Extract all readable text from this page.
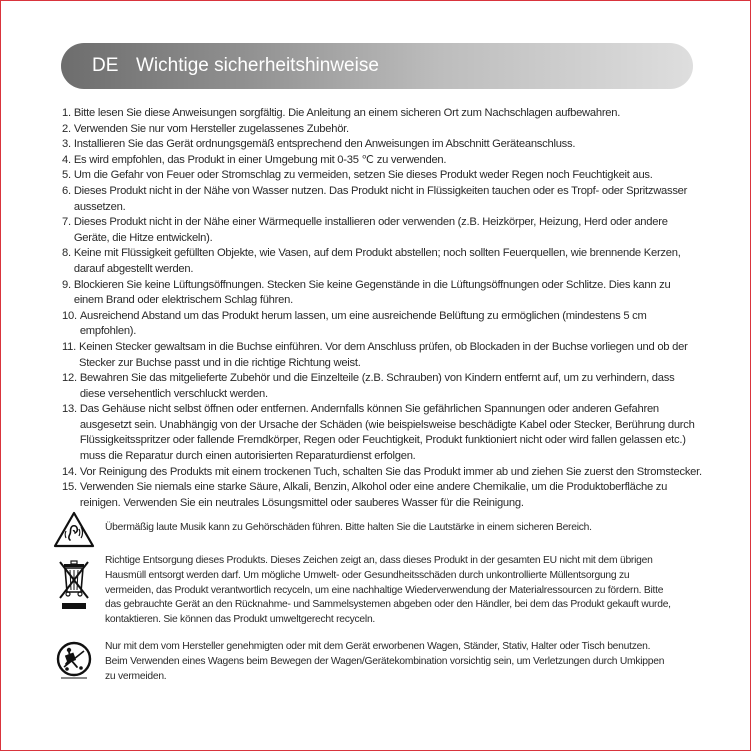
DE Wichtige sicherheitshinweise
1. Bitte lesen Sie diese Anweisungen sorgfältig. Die Anleitung an einem sicheren Ort zum Nachschlagen aufbewahren.
2. Verwenden Sie nur vom Hersteller zugelassenes Zubehör.
3. Installieren Sie das Gerät ordnungsgemäß entsprechend den Anweisungen im Abschnitt Geräteanschluss.
4. Es wird empfohlen, das Produkt in einer Umgebung mit 0-35 ℃ zu verwenden.
5. Um die Gefahr von Feuer oder Stromschlag zu vermeiden, setzen Sie dieses Produkt weder Regen noch Feuchtigkeit aus.
6. Dieses Produkt nicht in der Nähe von Wasser nutzen. Das Produkt nicht in Flüssigkeiten tauchen oder es Tropf- oder Spritzwasser aussetzen.
7. Dieses Produkt nicht in der Nähe einer Wärmequelle installieren oder verwenden (z.B. Heizkörper, Heizung, Herd oder andere Geräte, die Hitze entwickeln).
8. Keine mit Flüssigkeit gefüllten Objekte, wie Vasen, auf dem Produkt abstellen; noch sollten Feuerquellen, wie brennende Kerzen, darauf abgestellt werden.
9. Blockieren Sie keine Lüftungsöffnungen. Stecken Sie keine Gegenstände in die Lüftungsöffnungen oder Schlitze. Dies kann zu einem Brand oder elektrischem Schlag führen.
10. Ausreichend Abstand um das Produkt herum lassen, um eine ausreichende Belüftung zu ermöglichen (mindestens 5 cm empfohlen).
11. Keinen Stecker gewaltsam in die Buchse einführen. Vor dem Anschluss prüfen, ob Blockaden in der Buchse vorliegen und ob der Stecker zur Buchse passt und in die richtige Richtung weist.
12. Bewahren Sie das mitgelieferte Zubehör und die Einzelteile (z.B. Schrauben) von Kindern entfernt auf, um zu verhindern, dass diese versehentlich verschluckt werden.
13. Das Gehäuse nicht selbst öffnen oder entfernen. Andernfalls können Sie gefährlichen Spannungen oder anderen Gefahren ausgesetzt sein. Unabhängig von der Ursache der Schäden (wie beispielsweise beschädigte Kabel oder Stecker, Berührung durch Flüssigkeitsspritzer oder fallende Fremdkörper, Regen oder Feuchtigkeit, Produkt funktioniert nicht oder wird fallen gelassen etc.) muss die Reparatur durch einen autorisierten Reparaturdienst erfolgen.
14. Vor Reinigung des Produkts mit einem trockenen Tuch, schalten Sie das Produkt immer ab und ziehen Sie zuerst den Stromstecker.
15. Verwenden Sie niemals eine starke Säure, Alkali, Benzin, Alkohol oder eine andere Chemikalie, um die Produktoberfläche zu reinigen. Verwenden Sie ein neutrales Lösungsmittel oder sauberes Wasser für die Reinigung.
Übermäßig laute Musik kann zu Gehörschäden führen. Bitte halten Sie die Lautstärke in einem sicheren Bereich.
Richtige Entsorgung dieses Produkts. Dieses Zeichen zeigt an, dass dieses Produkt in der gesamten EU nicht mit dem übrigen Hausmüll entsorgt werden darf. Um mögliche Umwelt- oder Gesundheitsschäden durch unkontrollierte Müllentsorgung zu vermeiden, das Produkt verantwortlich recyceln, um eine nachhaltige Wiederverwendung der Materialressourcen zu fördern. Bitte das gebrauchte Gerät an den Rücknahme- und Sammelsystemen abgeben oder den Händler, bei dem das Produkt gekauft wurde, kontaktieren. Sie können das Produkt umweltgerecht recyceln.
Nur mit dem vom Hersteller genehmigten oder mit dem Gerät erworbenen Wagen, Ständer, Stativ, Halter oder Tisch benutzen. Beim Verwenden eines Wagens beim Bewegen der Wagen/Gerätekombination vorsichtig sein, um Verletzungen durch Umkippen zu vermeiden.
